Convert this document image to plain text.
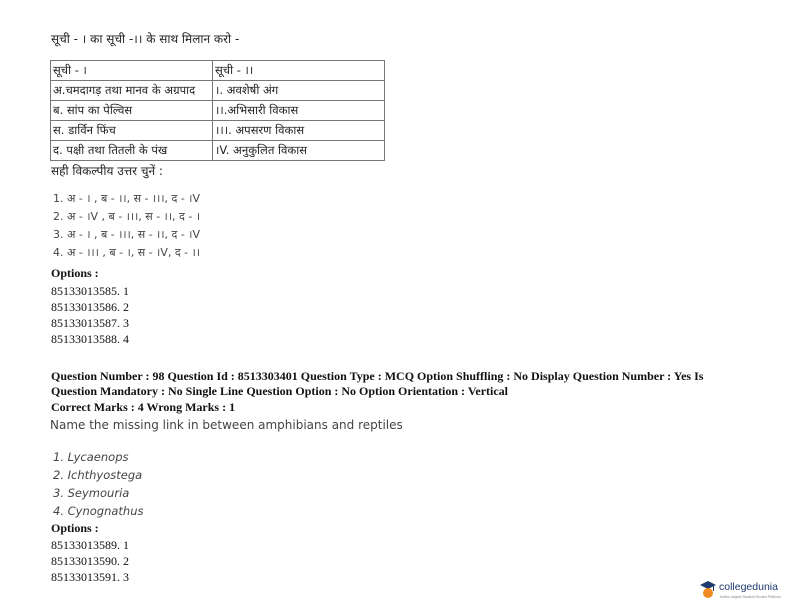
सूची - । का सूची -।। के साथ मिलान करो -
सूची - ।	सूची - ।।
अ.चमदागड़ तथा मानव के अग्रपाद	।. अवशेषी अंग
ब. सांप का पेल्विस	।।.अभिसारी विकास
स. डार्विन फिंच	।।।. अपसरण विकास
द. पक्षी तथा तितली के पंख	।V. अनुकुलित विकास
सही विकल्पीय उत्तर चुनें :
1. अ - । , ब - ।।, स - ।।।, द - ।V
2. अ - ।V , ब - ।।।, स - ।।, द - ।
3. अ - । , ब - ।।।, स - ।।, द - ।V
4. अ - ।।। , ब - ।, स - ।V, द - ।।
Options :
85133013585. 1
85133013586. 2
85133013587. 3
85133013588. 4
Question Number : 98 Question Id : 8513303401 Question Type : MCQ Option Shuffling : No Display Question Number : Yes Is Question Mandatory : No Single Line Question Option : No Option Orientation : Vertical
Correct Marks : 4 Wrong Marks : 1
Name the missing link in between amphibians and reptiles
1. Lycaenops
2. Ichthyostega
3. Seymouria
4. Cynognathus
Options :
85133013589. 1
85133013590. 2
85133013591. 3
collegedunia
India's largest Student Review Platform
